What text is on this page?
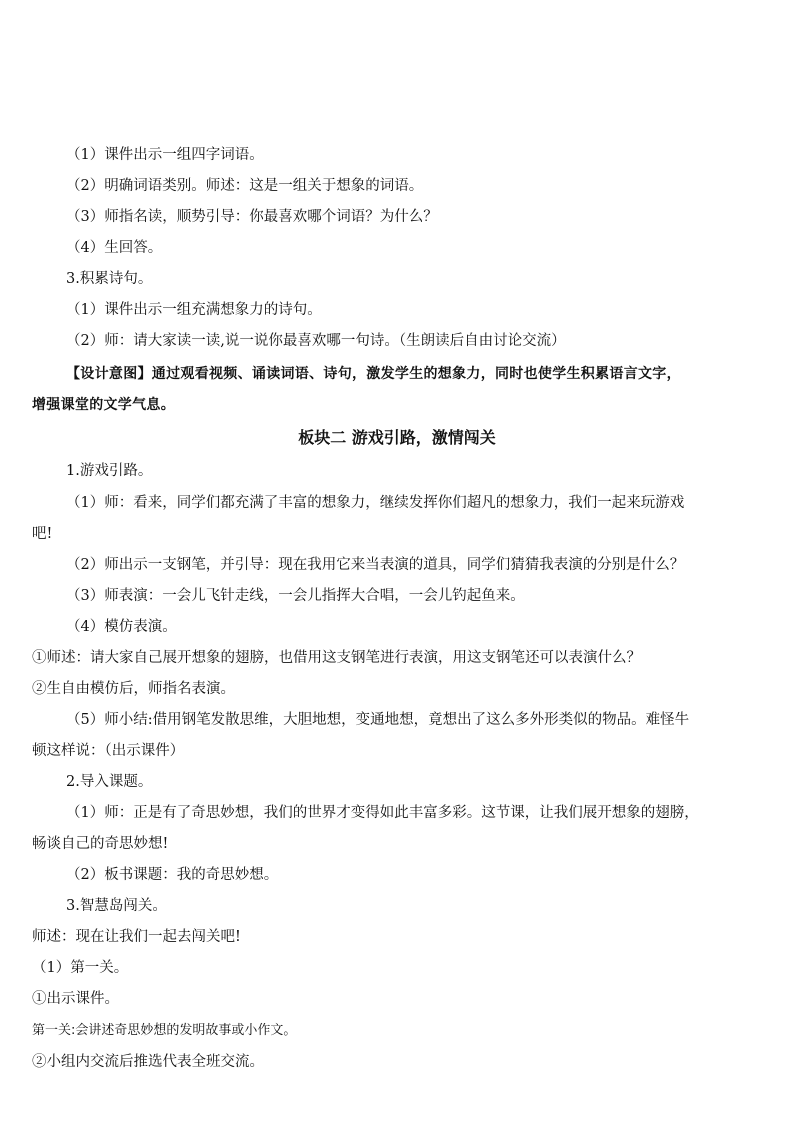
（1）课件出示一组四字词语。
（2）明确词语类别。师述：这是一组关于想象的词语。
（3）师指名读，顺势引导：你最喜欢哪个词语？为什么？
（4）生回答。
3.积累诗句。
（1）课件出示一组充满想象力的诗句。
（2）师：请大家读一读,说一说你最喜欢哪一句诗。（生朗读后自由讨论交流）
【设计意图】通过观看视频、诵读词语、诗句，激发学生的想象力，同时也使学生积累语言文字，
增强课堂的文学气息。
板块二 游戏引路，激情闯关
1.游戏引路。
（1）师：看来，同学们都充满了丰富的想象力，继续发挥你们超凡的想象力，我们一起来玩游戏
吧!
（2）师出示一支钢笔，并引导：现在我用它来当表演的道具，同学们猜猜我表演的分别是什么？
（3）师表演：一会儿飞针走线，一会儿指挥大合唱，一会儿钓起鱼来。
（4）模仿表演。
①师述：请大家自己展开想象的翅膀，也借用这支钢笔进行表演，用这支钢笔还可以表演什么？
②生自由模仿后，师指名表演。
（5）师小结:借用钢笔发散思维，大胆地想，变通地想，竟想出了这么多外形类似的物品。难怪牛
顿这样说：（出示课件）
2.导入课题。
（1）师：正是有了奇思妙想，我们的世界才变得如此丰富多彩。这节课，让我们展开想象的翅膀，
畅谈自己的奇思妙想!
（2）板书课题：我的奇思妙想。
3.智慧岛闯关。
师述：现在让我们一起去闯关吧!
（1）第一关。
①出示课件。
第一关:会讲述奇思妙想的发明故事或小作文。
②小组内交流后推选代表全班交流。
